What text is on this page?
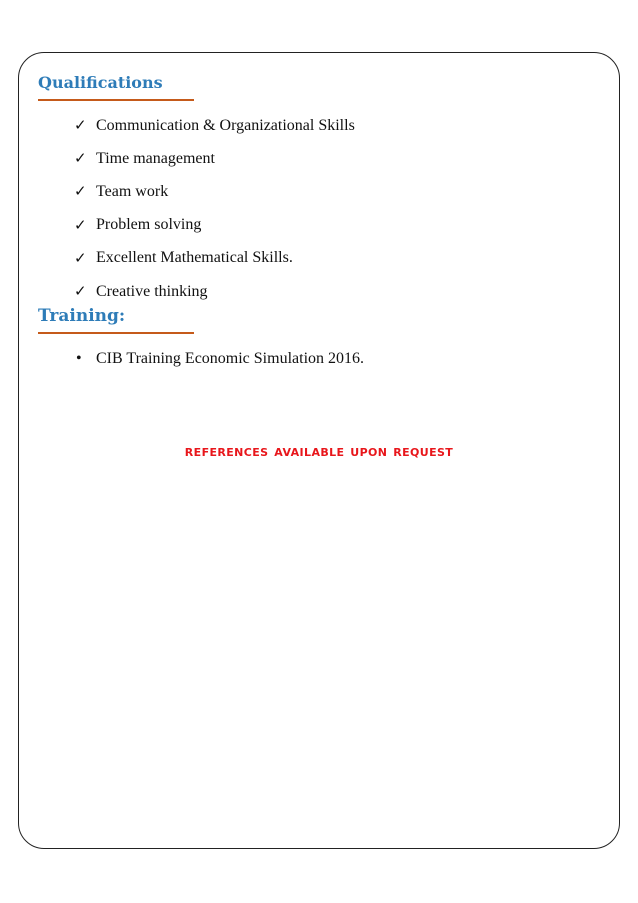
Qualifications
✓ Communication & Organizational Skills
✓ Time management
✓ Team work
✓ Problem solving
✓ Excellent Mathematical Skills.
✓ Creative thinking
Training:
• CIB Training Economic Simulation 2016.
references available upon request
